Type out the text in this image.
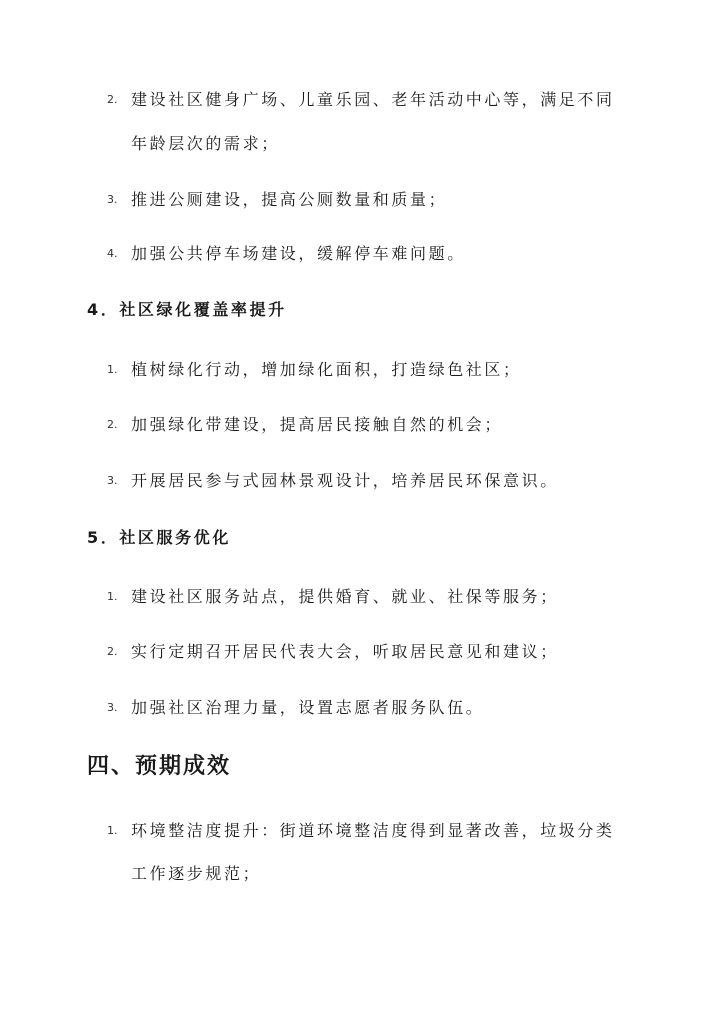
2. 建设社区健身广场、儿童乐园、老年活动中心等，满足不同
年龄层次的需求；
3. 推进公厕建设，提高公厕数量和质量；
4. 加强公共停车场建设，缓解停车难问题。
4．社区绿化覆盖率提升
1. 植树绿化行动，增加绿化面积，打造绿色社区；
2. 加强绿化带建设，提高居民接触自然的机会；
3. 开展居民参与式园林景观设计，培养居民环保意识。
5．社区服务优化
1. 建设社区服务站点，提供婚育、就业、社保等服务；
2. 实行定期召开居民代表大会，听取居民意见和建议；
3. 加强社区治理力量，设置志愿者服务队伍。
四、预期成效
1. 环境整洁度提升：街道环境整洁度得到显著改善，垃圾分类
工作逐步规范；
